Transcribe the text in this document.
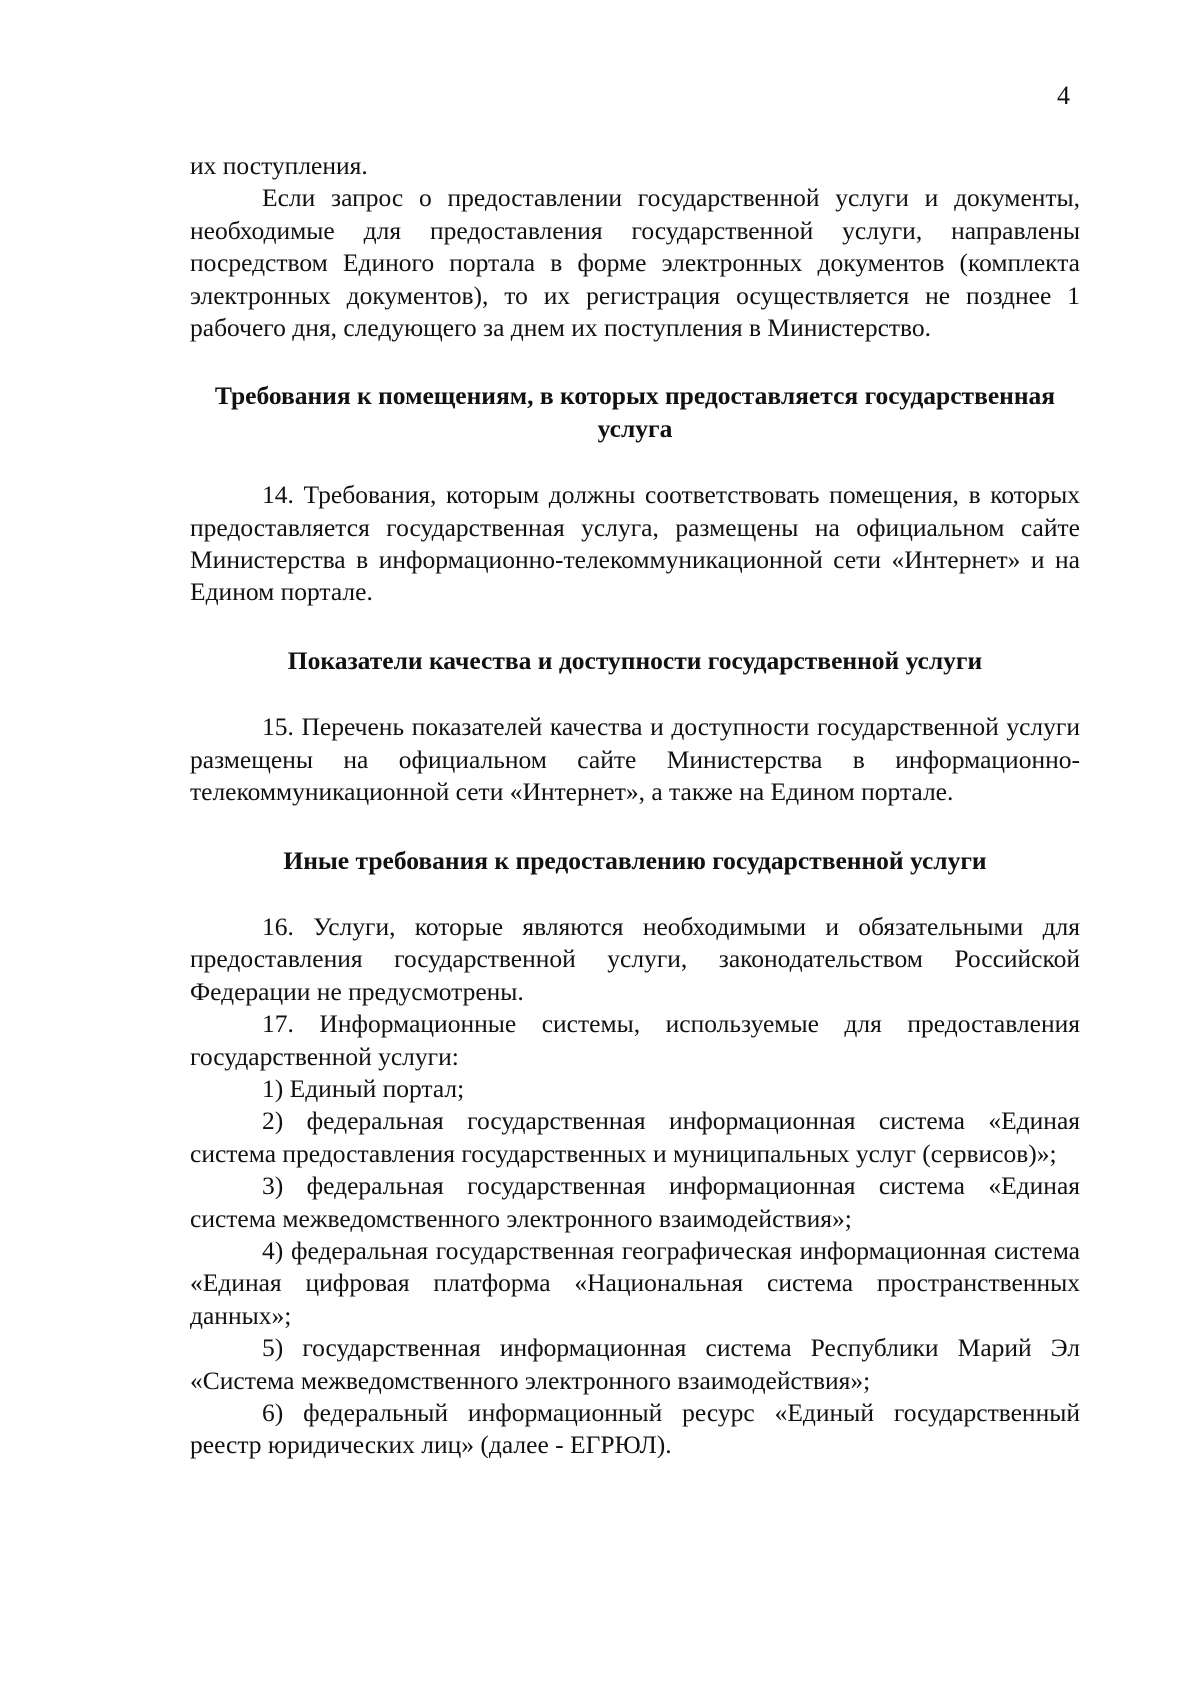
4

их поступления.

Если запрос о предоставлении государственной услуги и документы, необходимые для предоставления государственной услуги, направлены посредством Единого портала в форме электронных документов (комплекта электронных документов), то их регистрация осуществляется не позднее 1 рабочего дня, следующего за днем их поступления в Министерство.

Требования к помещениям, в которых предоставляется государственная услуга

14. Требования, которым должны соответствовать помещения, в которых предоставляется государственная услуга, размещены на официальном сайте Министерства в информационно-телекоммуникационной сети «Интернет» и на Едином портале.

Показатели качества и доступности государственной услуги

15. Перечень показателей качества и доступности государственной услуги размещены на официальном сайте Министерства в информационно-телекоммуникационной сети «Интернет», а также на Едином портале.

Иные требования к предоставлению государственной услуги

16. Услуги, которые являются необходимыми и обязательными для предоставления государственной услуги, законодательством Российской Федерации не предусмотрены.

17. Информационные системы, используемые для предоставления государственной услуги:

1) Единый портал;

2) федеральная государственная информационная система «Единая система предоставления государственных и муниципальных услуг (сервисов)»;

3) федеральная государственная информационная система «Единая система межведомственного электронного взаимодействия»;

4) федеральная государственная географическая информационная система «Единая цифровая платформа «Национальная система пространственных данных»;

5) государственная информационная система Республики Марий Эл «Система межведомственного электронного взаимодействия»;

6) федеральный информационный ресурс «Единый государственный реестр юридических лиц» (далее - ЕГРЮЛ).
